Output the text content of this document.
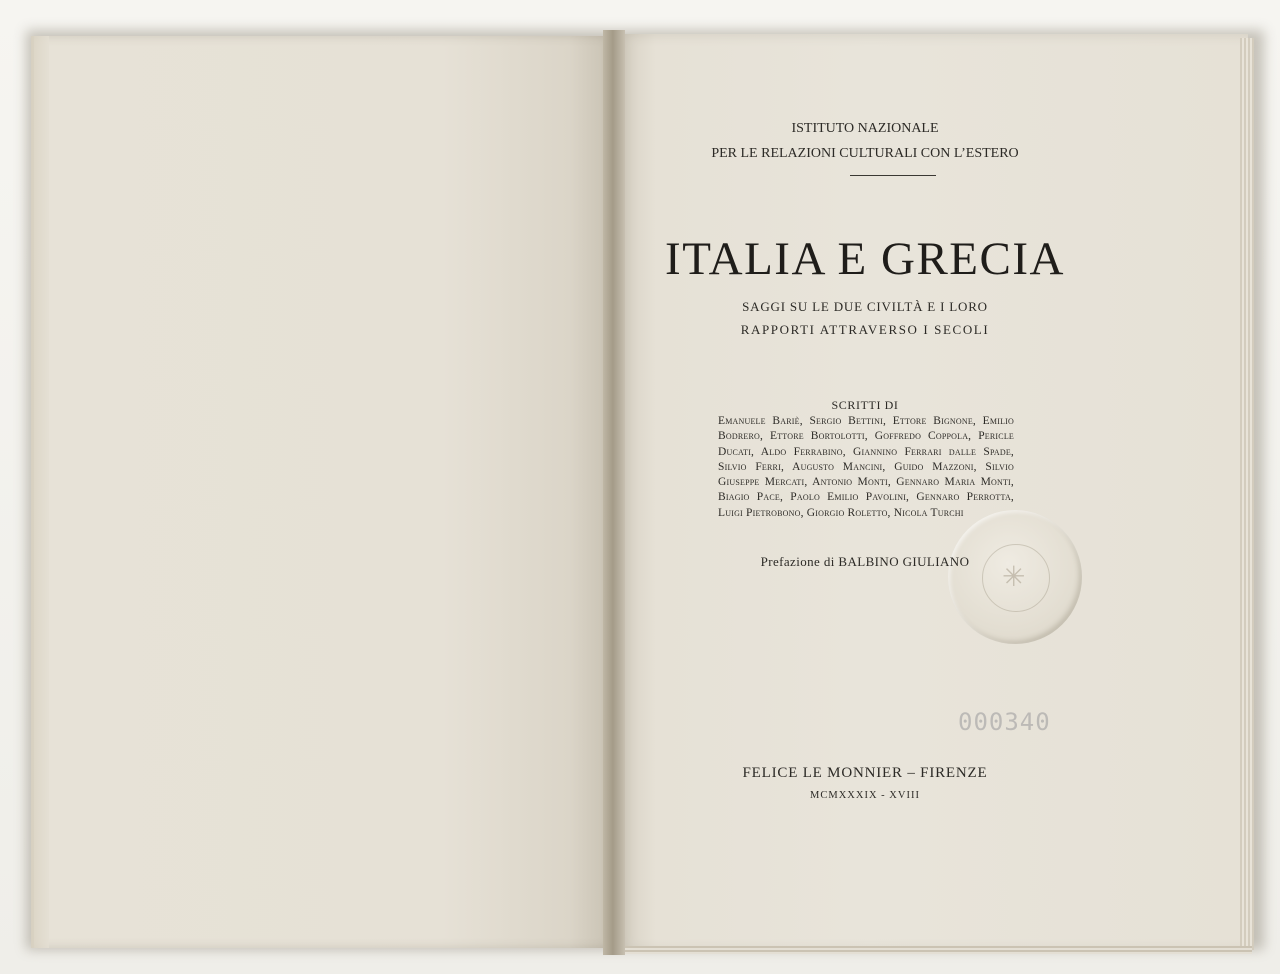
ISTITUTO NAZIONALE
PER LE RELAZIONI CULTURALI CON L’ESTERO
ITALIA E GRECIA
SAGGI SU LE DUE CIVILTÀ E I LORO
RAPPORTI ATTRAVERSO I SECOLI
SCRITTI DI
Emanuele Bariè, Sergio Bettini, Ettore Bignone, Emilio Bodrero, Ettore Bortolotti, Goffredo Coppola, Pericle Ducati, Aldo Ferrabino, Giannino Ferrari dalle Spade, Silvio Ferri, Augusto Mancini, Guido Mazzoni, Silvio Giuseppe Mercati, Antonio Monti, Gennaro Maria Monti, Biagio Pace, Paolo Emilio Pavolini, Gennaro Perrotta, Luigi Pietrobono, Giorgio Roletto, Nicola Turchi
✳
Prefazione di BALBINO GIULIANO
000340
FELICE LE MONNIER – FIRENZE
MCMXXXIX - XVIII
